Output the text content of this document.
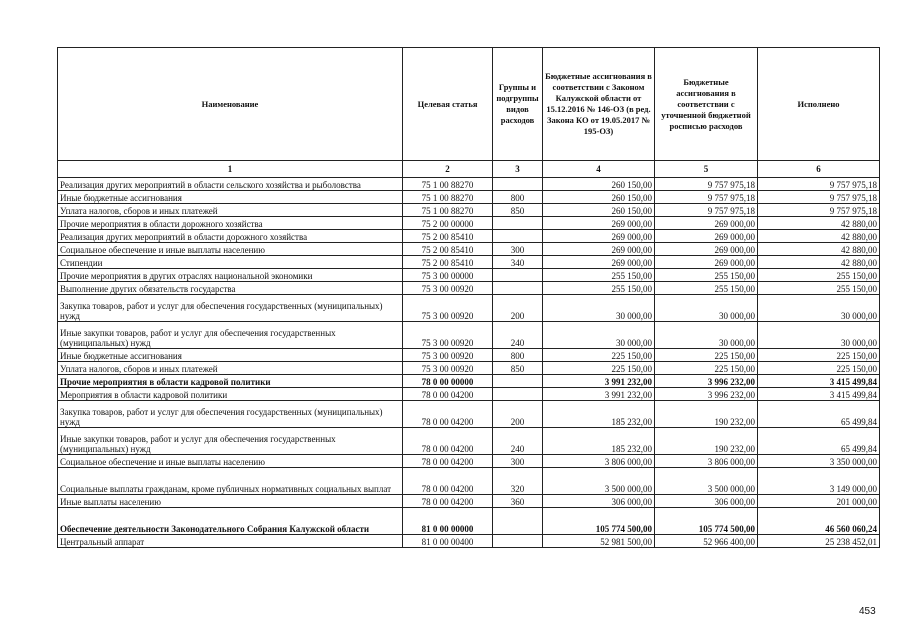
Наименование	Целевая статья	Группы и подгруппы видов расходов	Бюджетные ассигнования в соответствии с Законом Калужской области от 15.12.2016 № 146-ОЗ (в ред. Закона КО от 19.05.2017 № 195-ОЗ)	Бюджетные ассигнования в соответствии с уточненной бюджетной росписью расходов	Исполнено
1	2	3	4	5	6
Реализация других мероприятий в области сельского хозяйства и рыболовства	75 1 00 88270		260 150,00	9 757 975,18	9 757 975,18
Иные бюджетные ассигнования	75 1 00 88270	800	260 150,00	9 757 975,18	9 757 975,18
Уплата налогов, сборов и иных платежей	75 1 00 88270	850	260 150,00	9 757 975,18	9 757 975,18
Прочие мероприятия в области дорожного хозяйства	75 2 00 00000		269 000,00	269 000,00	42 880,00
Реализация других мероприятий в области дорожного хозяйства	75 2 00 85410		269 000,00	269 000,00	42 880,00
Социальное обеспечение и иные выплаты населению	75 2 00 85410	300	269 000,00	269 000,00	42 880,00
Стипендии	75 2 00 85410	340	269 000,00	269 000,00	42 880,00
Прочие мероприятия в других отраслях национальной экономики	75 3 00 00000		255 150,00	255 150,00	255 150,00
Выполнение других обязательств государства	75 3 00 00920		255 150,00	255 150,00	255 150,00
Закупка товаров, работ и услуг для обеспечения государственных (муниципальных) нужд	75 3 00 00920	200	30 000,00	30 000,00	30 000,00
Иные закупки товаров, работ и услуг для обеспечения государственных (муниципальных) нужд	75 3 00 00920	240	30 000,00	30 000,00	30 000,00
Иные бюджетные ассигнования	75 3 00 00920	800	225 150,00	225 150,00	225 150,00
Уплата налогов, сборов и иных платежей	75 3 00 00920	850	225 150,00	225 150,00	225 150,00
Прочие мероприятия в области кадровой политики	78 0 00 00000		3 991 232,00	3 996 232,00	3 415 499,84
Мероприятия в области кадровой политики	78 0 00 04200		3 991 232,00	3 996 232,00	3 415 499,84
Закупка товаров, работ и услуг для обеспечения государственных (муниципальных) нужд	78 0 00 04200	200	185 232,00	190 232,00	65 499,84
Иные закупки товаров, работ и услуг для обеспечения государственных (муниципальных) нужд	78 0 00 04200	240	185 232,00	190 232,00	65 499,84
Социальное обеспечение и иные выплаты населению	78 0 00 04200	300	3 806 000,00	3 806 000,00	3 350 000,00
Социальные выплаты гражданам, кроме публичных нормативных социальных выплат	78 0 00 04200	320	3 500 000,00	3 500 000,00	3 149 000,00
Иные выплаты населению	78 0 00 04200	360	306 000,00	306 000,00	201 000,00
Обеспечение деятельности Законодательного Собрания Калужской области	81 0 00 00000		105 774 500,00	105 774 500,00	46 560 060,24
Центральный аппарат	81 0 00 00400		52 981 500,00	52 966 400,00	25 238 452,01
453
